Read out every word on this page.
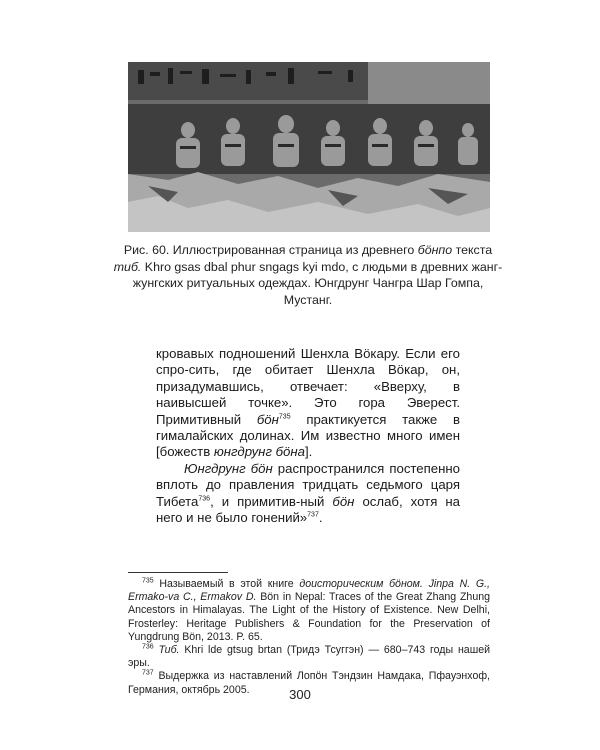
Рис. 60. Иллюстрированная страница из древнего бöнпо текста тиб. Khro gsas dbal phur sngags kyi mdo, с людьми в древних жанг-жунгских ритуальных одеждах. Юнгдрунг Чангра Шар Гомпа, Мустанг.

кровавых подношений Шенхла Вöкару. Если его спро-сить, где обитает Шенхла Вöкар, он, призадумавшись, отвечает: «Вверху, в наивысшей точке». Это гора Эверест. Примитивный бöн$^{735}$ практикуется также в гималайских долинах. Им известно много имен [божеств юнгдрунг бöна].

Юнгдрунг бöн распространился постепенно вплоть до правления тридцать седьмого царя Тибета$^{736}$, и примитив-ный бöн ослаб, хотя на него и не было гонений»$^{737}$.

$^{735}$ Называемый в этой книге доисторическим бöном. Jinpa N. G., Ermako-va C., Ermakov D. Bön in Nepal: Traces of the Great Zhang Zhung Ancestors in Himalayas. The Light of the History of Existence. New Delhi, Frosterley: Heritage Publishers & Foundation for the Preservation of Yungdrung Bön, 2013. P. 65.

$^{736}$ Тиб. Khri lde gtsug brtan (Тридэ Тсуггэн) — 680–743 годы нашей эры.

$^{737}$ Выдержка из наставлений Лопöн Тэндзин Намдака, Пфауэнхоф, Германия, октябрь 2005.	300
